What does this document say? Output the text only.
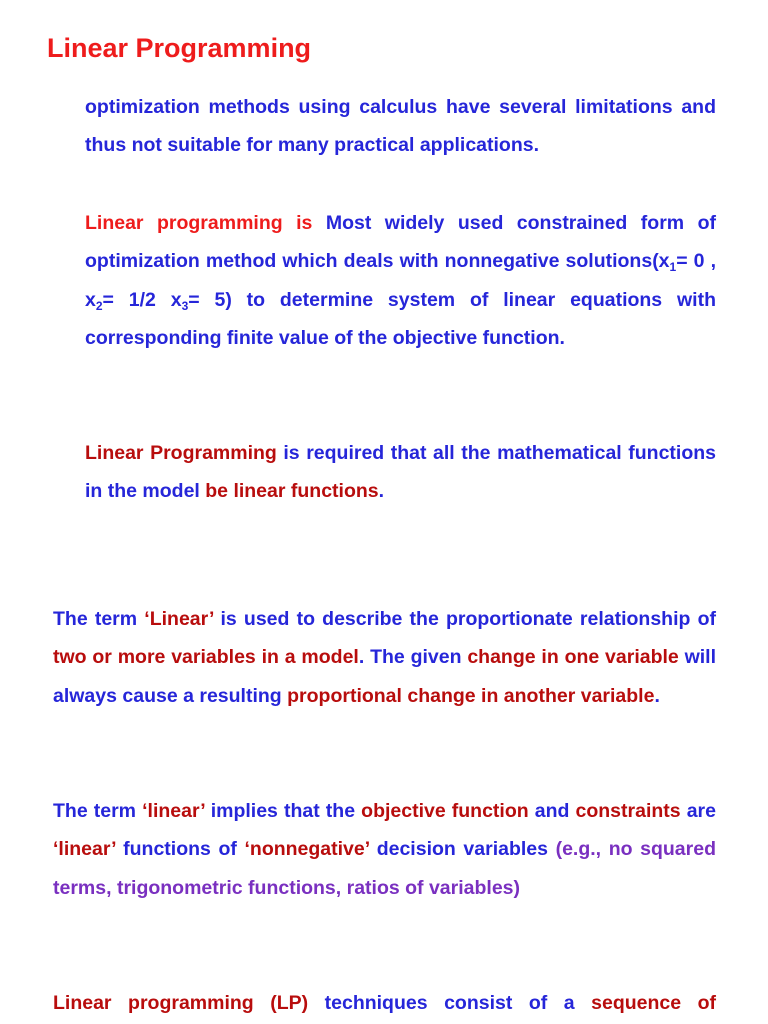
Linear Programming

optimization methods using calculus have several limitations and thus not suitable for many practical applications.

Linear programming is Most widely used constrained form of optimization method which deals with nonnegative $solutions(x_1= 0$ , $x_2= 1/2$ $x_3= 5$) to determine system of linear equations with corresponding finite value of the objective function.

Linear Programming is required that all the mathematical functions in the model be linear functions.

The term ‘Linear’ is used to describe the proportionate relationship of two or more variables in a model. The given change in one variable will always cause a resulting proportional change in another variable.

The term ‘linear’ implies that the objective function and constraints are ‘linear’ functions of ‘nonnegative’ decision variables (e.g., no squared terms, trigonometric functions, ratios of variables)

Linear programming (LP) techniques consist of a sequence of
